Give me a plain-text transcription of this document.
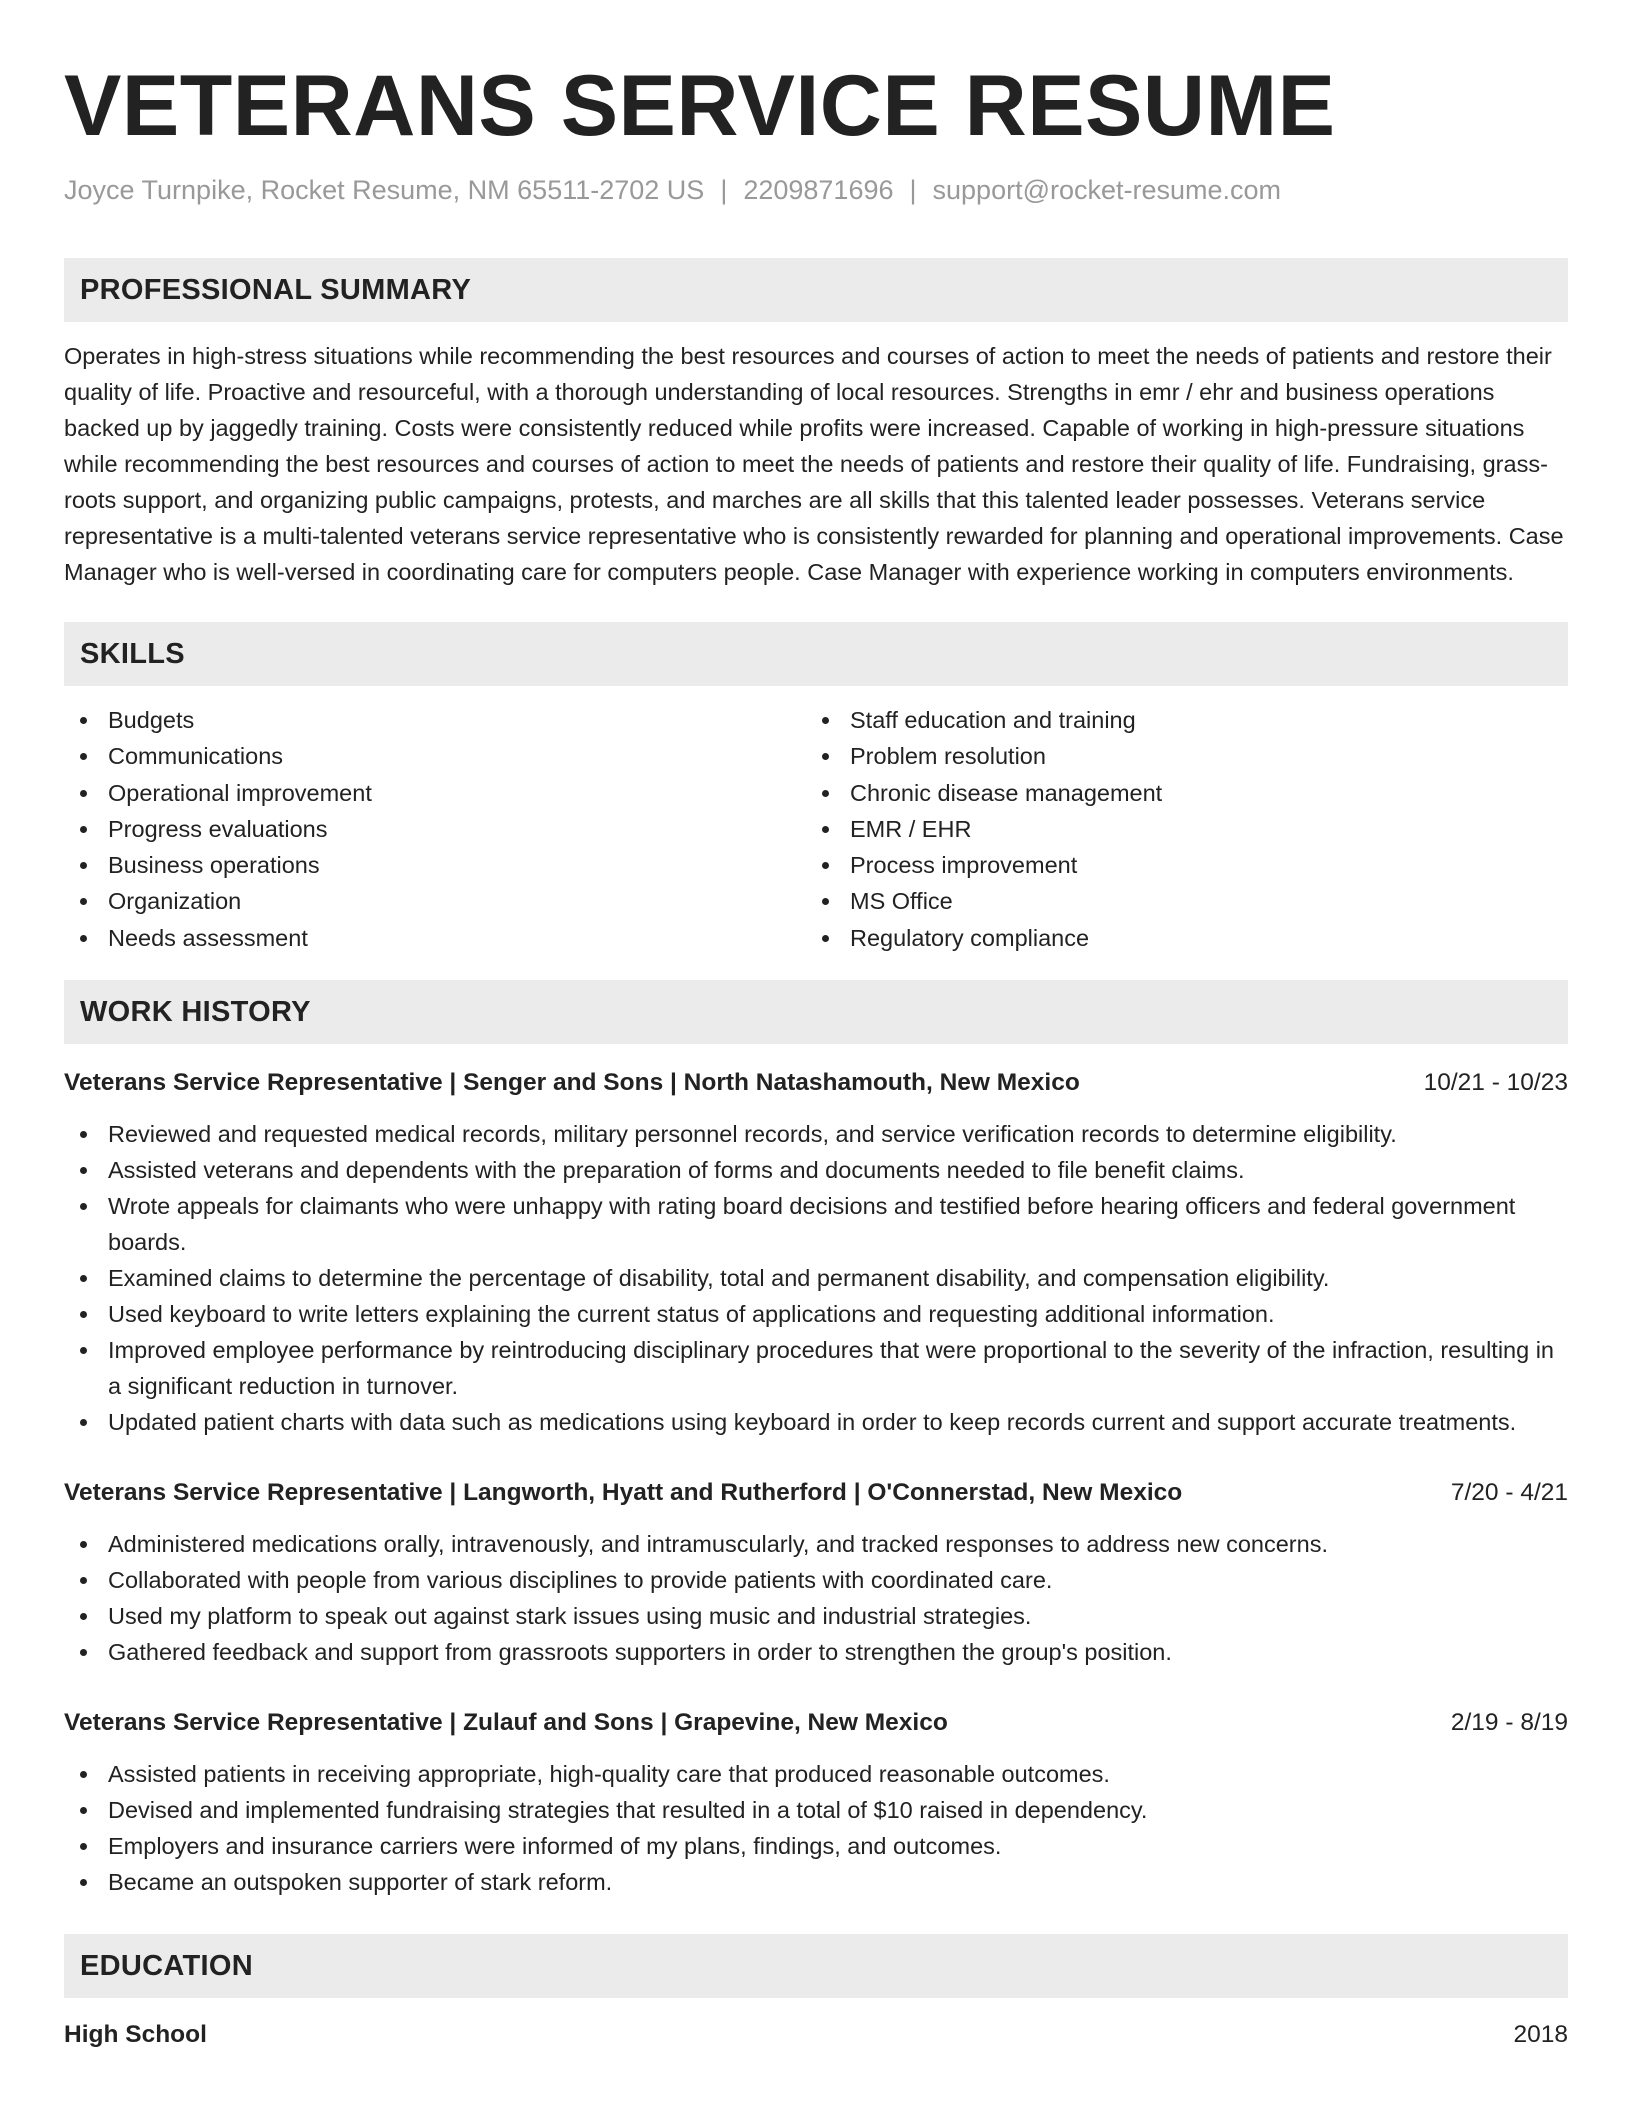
VETERANS SERVICE RESUME
Joyce Turnpike, Rocket Resume, NM 65511-2702 US | 2209871696 | support@rocket-resume.com
PROFESSIONAL SUMMARY

Operates in high-stress situations while recommending the best resources and courses of action to meet the needs of patients and restore their quality of life. Proactive and resourceful, with a thorough understanding of local resources. Strengths in emr / ehr and business operations backed up by jaggedly training. Costs were consistently reduced while profits were increased. Capable of working in high-pressure situations while recommending the best resources and courses of action to meet the needs of patients and restore their quality of life. Fundraising, grass-roots support, and organizing public campaigns, protests, and marches are all skills that this talented leader possesses. Veterans service representative is a multi-talented veterans service representative who is consistently rewarded for planning and operational improvements. Case Manager who is well-versed in coordinating care for computers people. Case Manager with experience working in computers environments.

SKILLS
Budgets
Communications
Operational improvement
Progress evaluations
Business operations
Organization
Needs assessment
Staff education and training
Problem resolution
Chronic disease management
EMR / EHR
Process improvement
MS Office
Regulatory compliance
WORK HISTORY
Veterans Service Representative | Senger and Sons | North Natashamouth, New Mexico	10/21 - 10/23
Reviewed and requested medical records, military personnel records, and service verification records to determine eligibility.
Assisted veterans and dependents with the preparation of forms and documents needed to file benefit claims.
Wrote appeals for claimants who were unhappy with rating board decisions and testified before hearing officers and federal government boards.
Examined claims to determine the percentage of disability, total and permanent disability, and compensation eligibility.
Used keyboard to write letters explaining the current status of applications and requesting additional information.
Improved employee performance by reintroducing disciplinary procedures that were proportional to the severity of the infraction, resulting in a significant reduction in turnover.
Updated patient charts with data such as medications using keyboard in order to keep records current and support accurate treatments.
Veterans Service Representative | Langworth, Hyatt and Rutherford | O'Connerstad, New Mexico	7/20 - 4/21
Administered medications orally, intravenously, and intramuscularly, and tracked responses to address new concerns.
Collaborated with people from various disciplines to provide patients with coordinated care.
Used my platform to speak out against stark issues using music and industrial strategies.
Gathered feedback and support from grassroots supporters in order to strengthen the group's position.
Veterans Service Representative | Zulauf and Sons | Grapevine, New Mexico	2/19 - 8/19
Assisted patients in receiving appropriate, high-quality care that produced reasonable outcomes.
Devised and implemented fundraising strategies that resulted in a total of $10 raised in dependency.
Employers and insurance carriers were informed of my plans, findings, and outcomes.
Became an outspoken supporter of stark reform.
EDUCATION
High School	2018
